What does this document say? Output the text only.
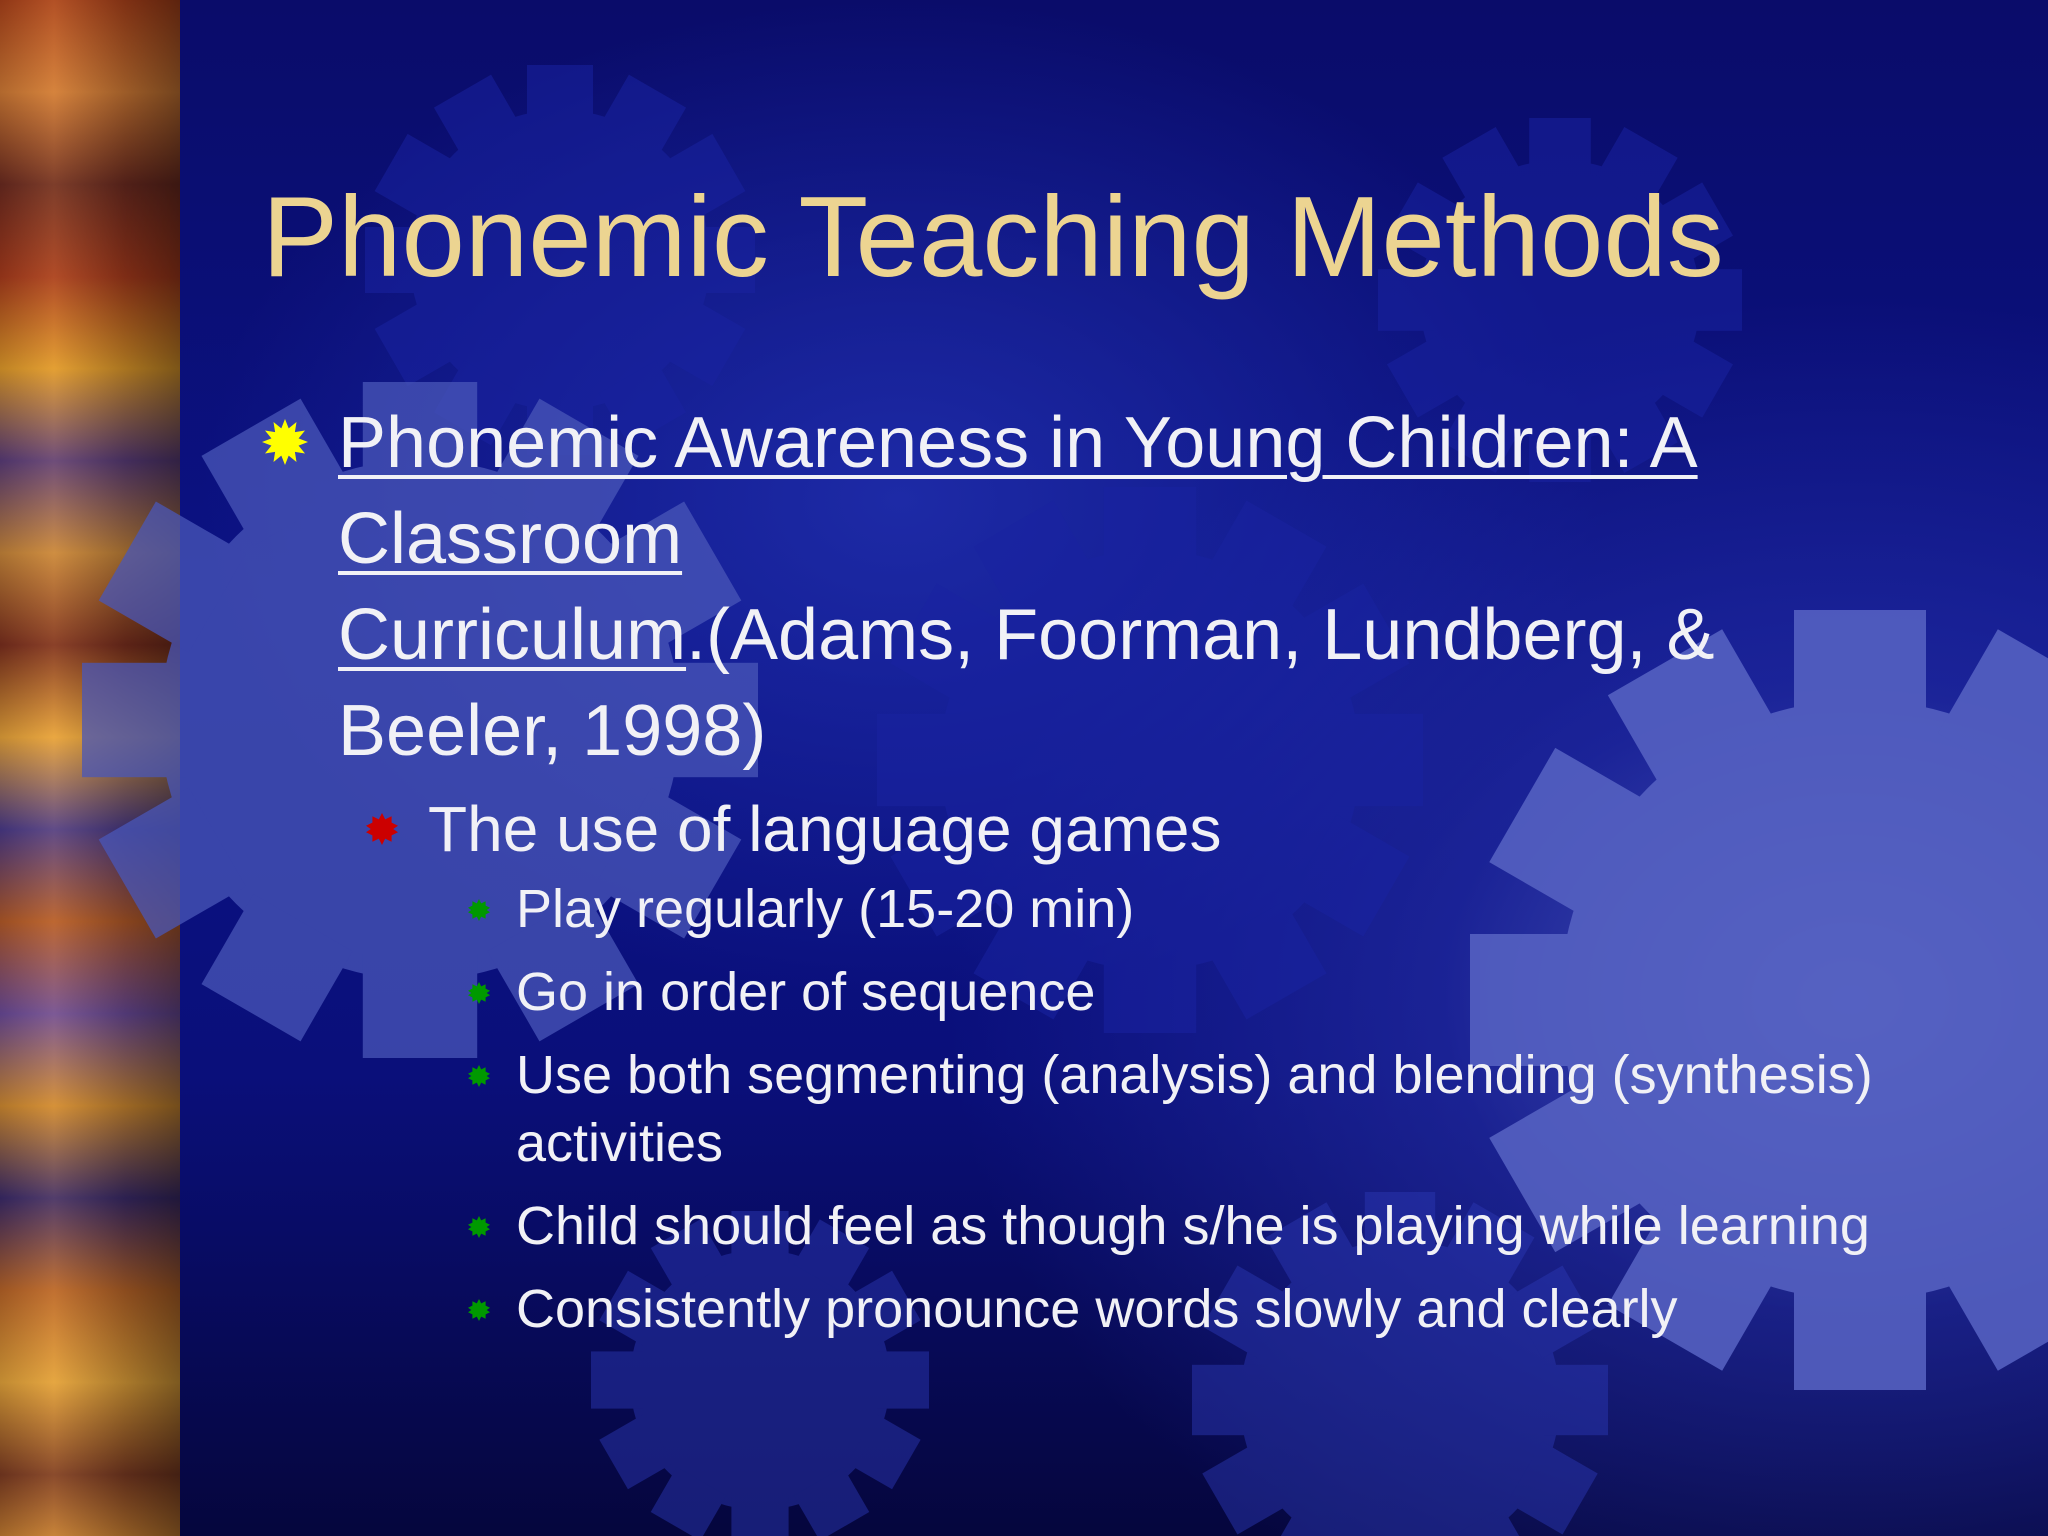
Phonemic Teaching Methods
Phonemic Awareness in Young Children: A Classroom
Curriculum.(Adams, Foorman, Lundberg, & Beeler, 1998)
The use of language games
Play regularly (15-20 min)
Go in order of sequence
Use both segmenting (analysis) and blending (synthesis) activities
Child should feel as though s/he is playing while learning
Consistently pronounce words slowly and clearly
